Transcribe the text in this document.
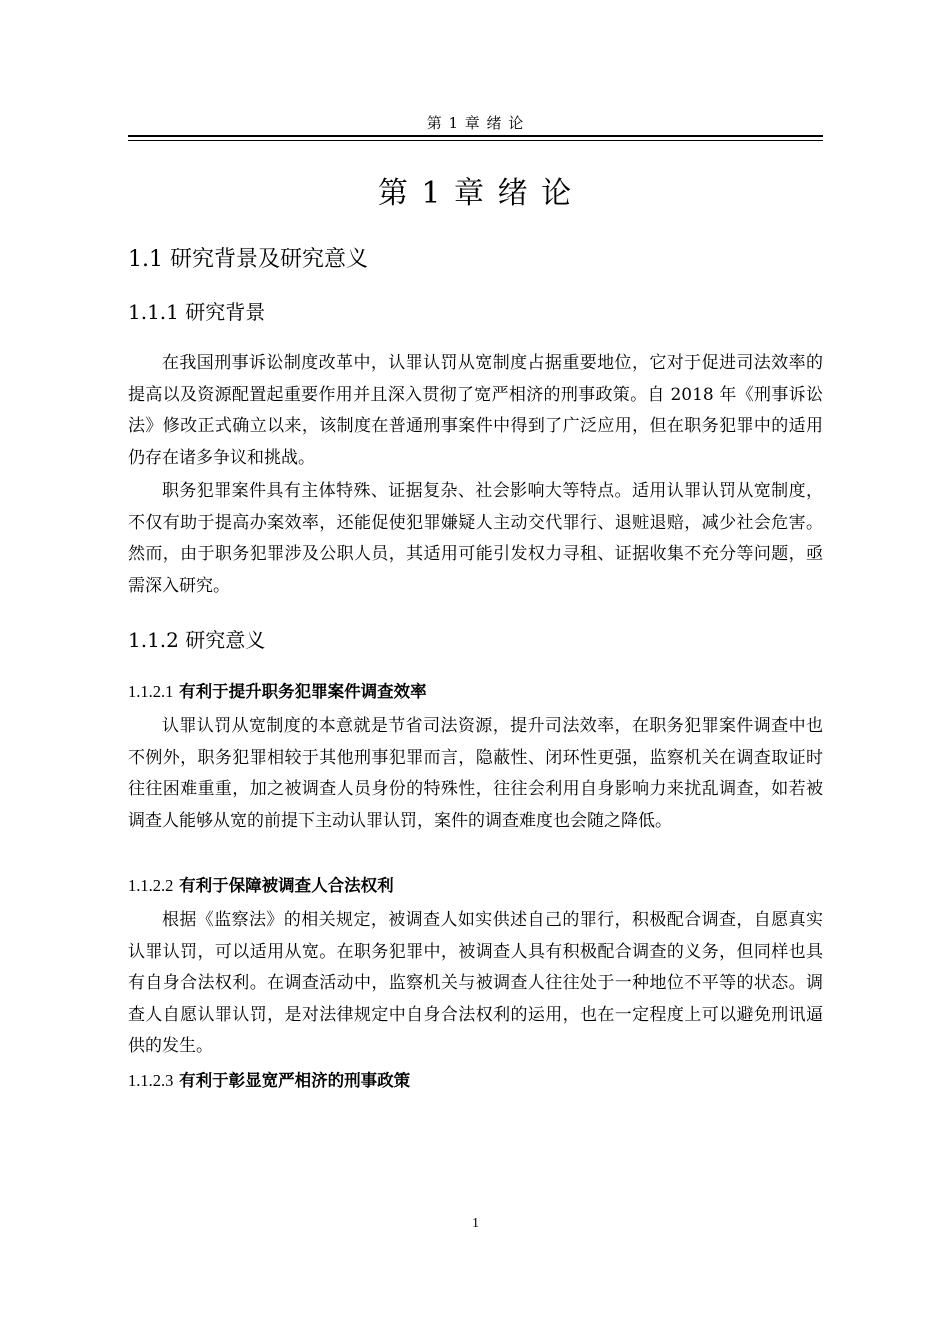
第 1 章 绪 论
第 1 章 绪 论
1.1 研究背景及研究意义
1.1.1 研究背景

在我国刑事诉讼制度改革中，认罪认罚从宽制度占据重要地位，它对于促进司法效率的提高以及资源配置起重要作用并且深入贯彻了宽严相济的刑事政策。自 2018 年《刑事诉讼法》修改正式确立以来，该制度在普通刑事案件中得到了广泛应用，但在职务犯罪中的适用仍存在诸多争议和挑战。

职务犯罪案件具有主体特殊、证据复杂、社会影响大等特点。适用认罪认罚从宽制度，不仅有助于提高办案效率，还能促使犯罪嫌疑人主动交代罪行、退赃退赔，减少社会危害。然而，由于职务犯罪涉及公职人员，其适用可能引发权力寻租、证据收集不充分等问题，亟需深入研究。

1.1.2 研究意义
1.1.2.1 有利于提升职务犯罪案件调查效率

认罪认罚从宽制度的本意就是节省司法资源，提升司法效率，在职务犯罪案件调查中也不例外，职务犯罪相较于其他刑事犯罪而言，隐蔽性、闭环性更强，监察机关在调查取证时往往困难重重，加之被调查人员身份的特殊性，往往会利用自身影响力来扰乱调查，如若被调查人能够从宽的前提下主动认罪认罚，案件的调查难度也会随之降低。

1.1.2.2 有利于保障被调查人合法权利

根据《监察法》的相关规定，被调查人如实供述自己的罪行，积极配合调查，自愿真实认罪认罚，可以适用从宽。在职务犯罪中，被调查人具有积极配合调查的义务，但同样也具有自身合法权利。在调查活动中，监察机关与被调查人往往处于一种地位不平等的状态。调查人自愿认罪认罚，是对法律规定中自身合法权利的运用，也在一定程度上可以避免刑讯逼供的发生。

1.1.2.3 有利于彰显宽严相济的刑事政策
1
